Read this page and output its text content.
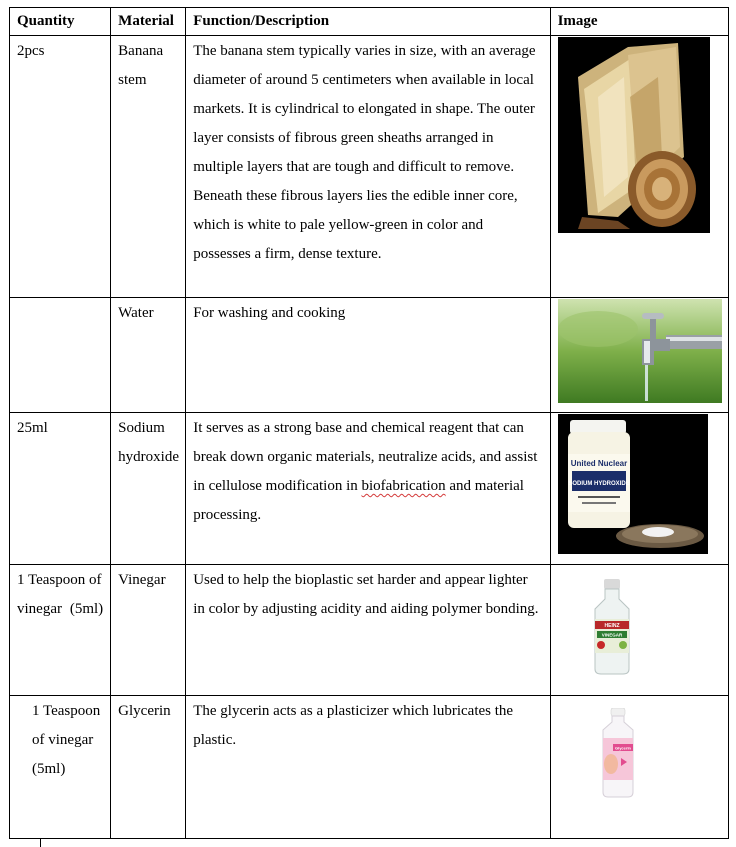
Quantity	Material	Function/Description	Image
2pcs	Banana stem	The banana stem typically varies in size, with an average diameter of around 5 centimeters when available in local markets. It is cylindrical to elongated in shape. The outer layer consists of fibrous green sheaths arranged in multiple layers that are tough and difficult to remove. Beneath these fibrous layers lies the edible inner core, which is white to pale yellow-green in color and possesses a firm, dense texture.	

	Water	For washing and cooking	

25ml	Sodium hydroxide	It serves as a strong base and chemical reagent that can break down organic materials, neutralize acids, and assist in cellulose modification in biofabrication and material processing.	United Nuclear
SODIUM HYDROXIDE

1 Teaspoon of vinegar (5ml)	Vinegar	Used to help the bioplastic set harder and appear lighter in color by adjusting acidity and aiding polymer bonding.	HEINZ
VINEGAR

1 Teaspoon of vinegar (5ml)	Glycerin	The glycerin acts as a plasticizer which lubricates the plastic.	Glycerin
